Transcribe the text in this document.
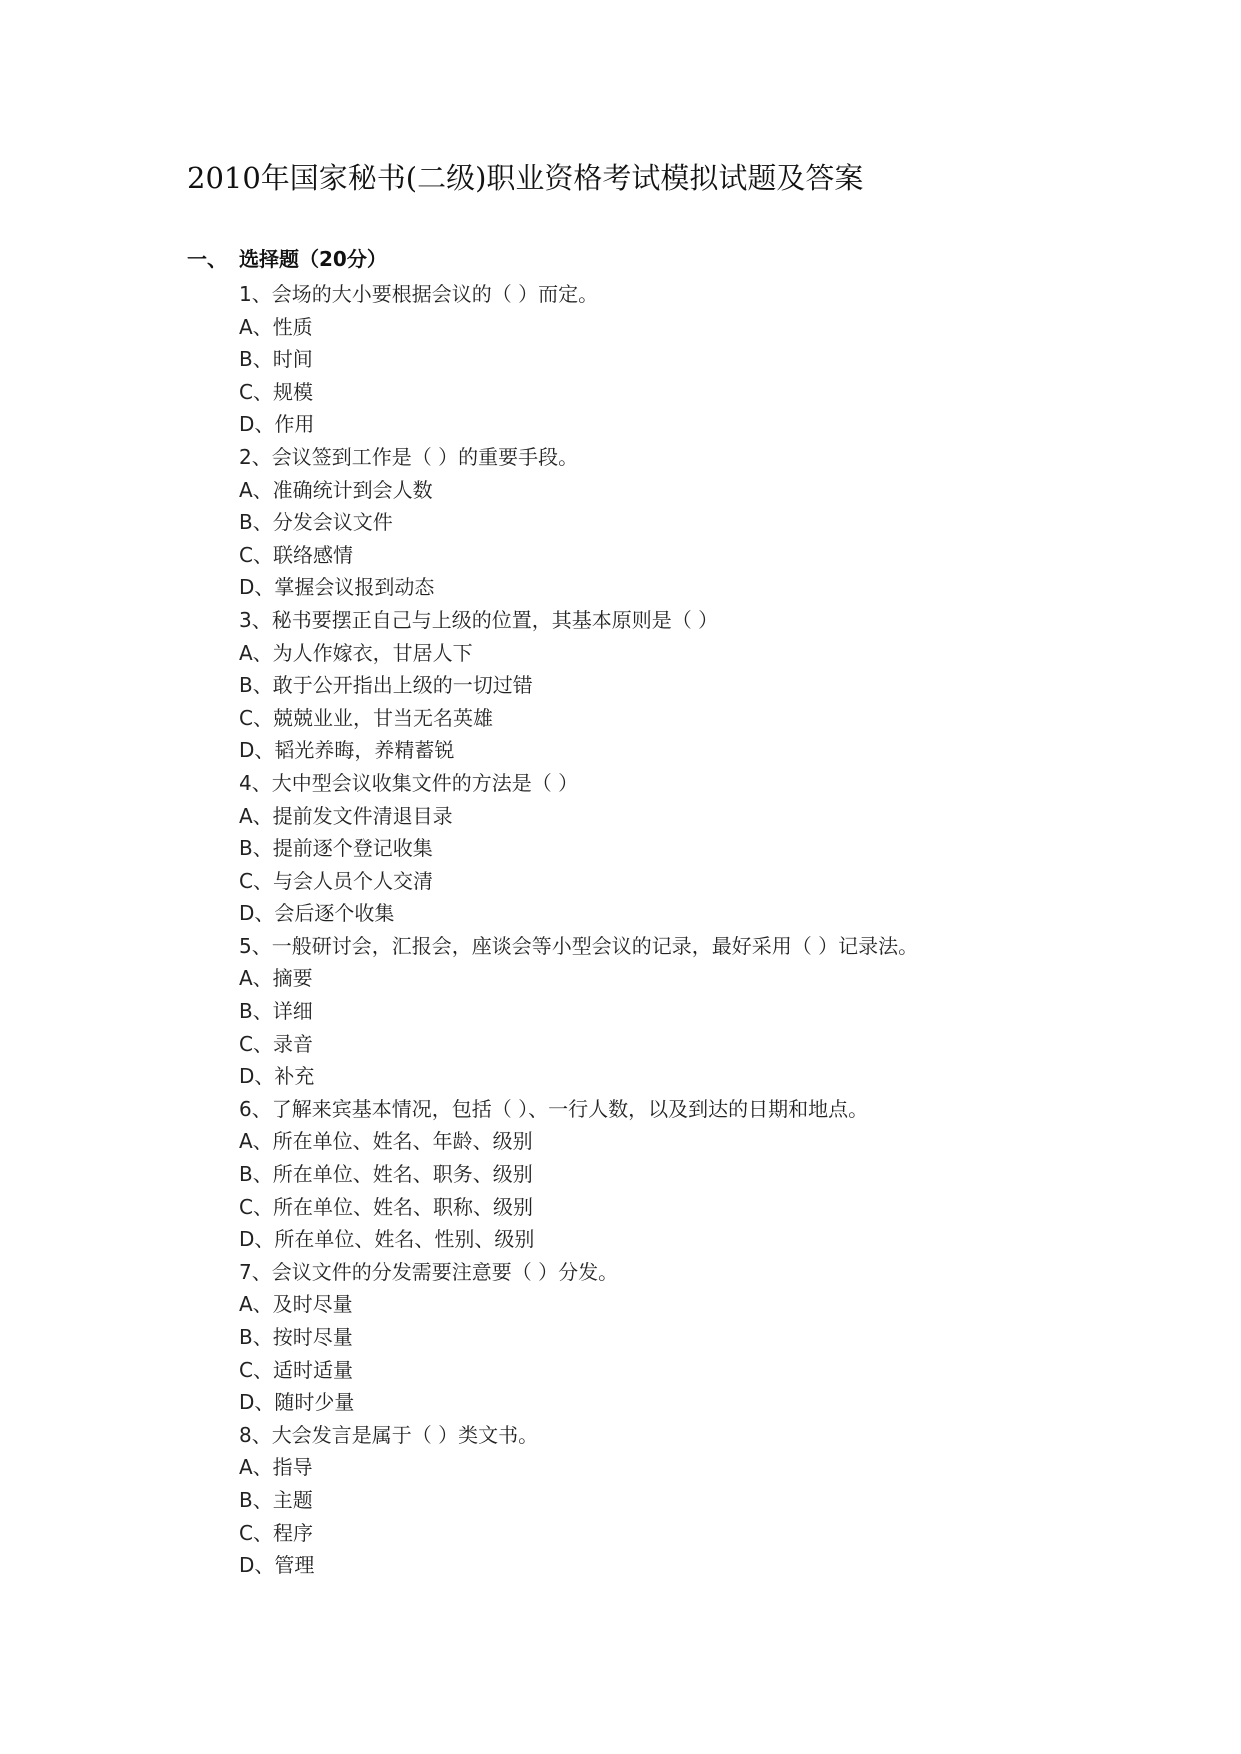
2010年国家秘书(二级)职业资格考试模拟试题及答案
一、 选择题（20分）
1、会场的大小要根据会议的（ ）而定。
A、性质
B、时间
C、规模
D、作用
2、会议签到工作是（ ）的重要手段。
A、准确统计到会人数
B、分发会议文件
C、联络感情
D、掌握会议报到动态
3、秘书要摆正自己与上级的位置，其基本原则是（ ）
A、为人作嫁衣，甘居人下
B、敢于公开指出上级的一切过错
C、兢兢业业，甘当无名英雄
D、韬光养晦，养精蓄锐
4、大中型会议收集文件的方法是（ ）
A、提前发文件清退目录
B、提前逐个登记收集
C、与会人员个人交清
D、会后逐个收集
5、一般研讨会，汇报会，座谈会等小型会议的记录，最好采用（ ）记录法。
A、摘要
B、详细
C、录音
D、补充
6、了解来宾基本情况，包括（ ）、一行人数，以及到达的日期和地点。
A、所在单位、姓名、年龄、级别
B、所在单位、姓名、职务、级别
C、所在单位、姓名、职称、级别
D、所在单位、姓名、性别、级别
7、会议文件的分发需要注意要（ ）分发。
A、及时尽量
B、按时尽量
C、适时适量
D、随时少量
8、大会发言是属于（ ）类文书。
A、指导
B、主题
C、程序
D、管理
